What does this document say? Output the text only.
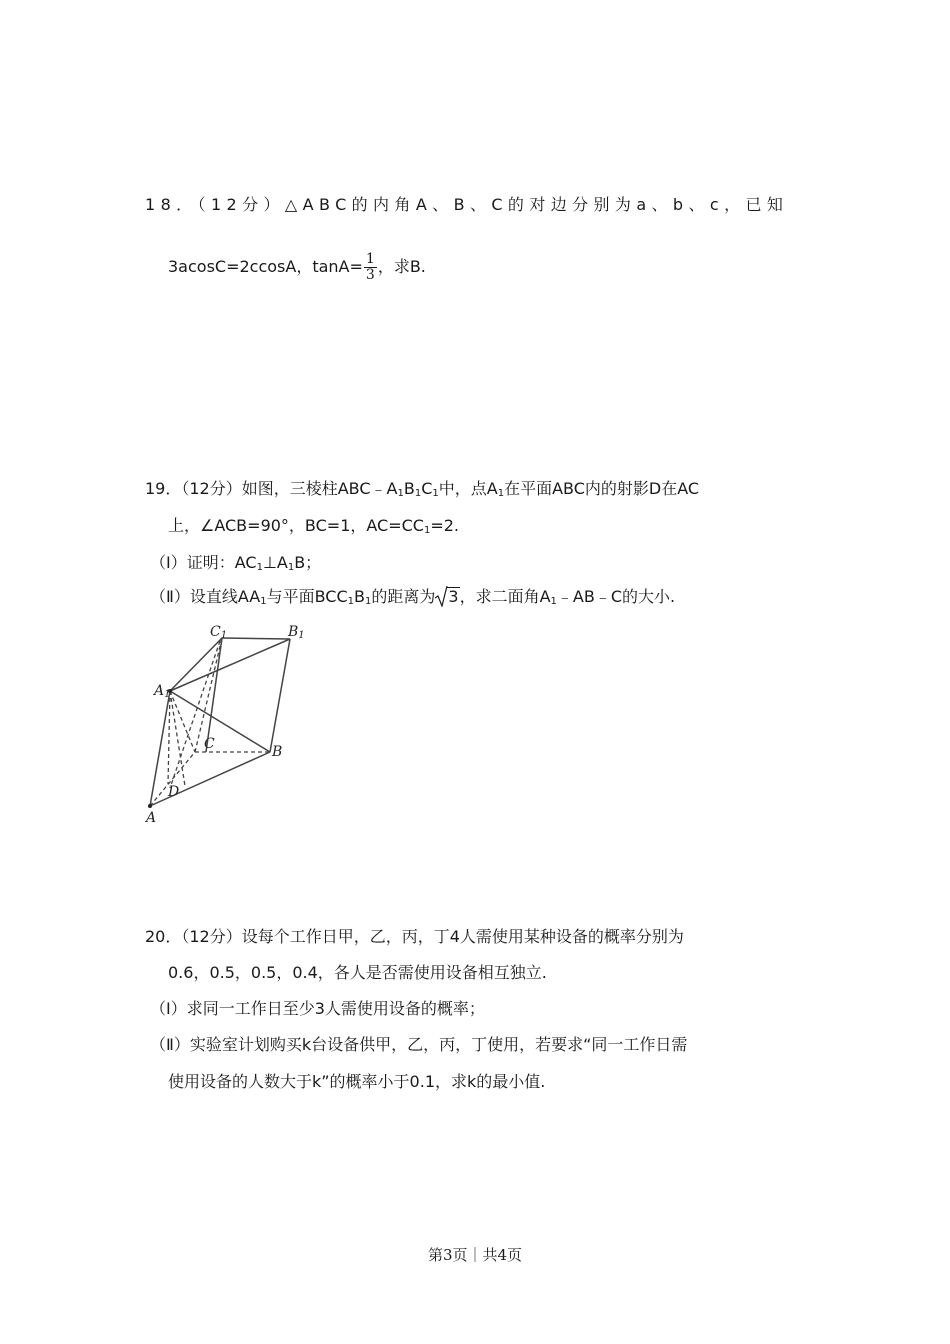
18．（12分）△ABC的内角A、B、C的对边分别为a、b、c，已知
3acosC=2ccosA，$\tan A= \frac{1}{3}$ ，求B.
19．（12分）如图，三棱柱$ABC﹣A_1B_1C_1$中，点$A_1$在平面ABC内的射影D在AC
上，∠ACB=90°，BC=1，$AC=CC_1=2$.
（Ⅰ）证明：$AC_1\perp A_1B$；
（Ⅱ）设直线$AA_1$与平面$BCC_1B_1$的距离为 3，求二面角$A_1﹣AB﹣C$的大小.
C1	B1
A1
C	B
D
A
20．（12分）设每个工作日甲，乙，丙，丁4人需使用某种设备的概率分别为
0.6，0.5，0.5，0.4，各人是否需使用设备相互独立.
（Ⅰ）求同一工作日至少3人需使用设备的概率；
（Ⅱ）实验室计划购买k台设备供甲，乙，丙，丁使用，若要求“同一工作日需
使用设备的人数大于k”的概率小于0.1，求k的最小值.
第3页｜共4页
